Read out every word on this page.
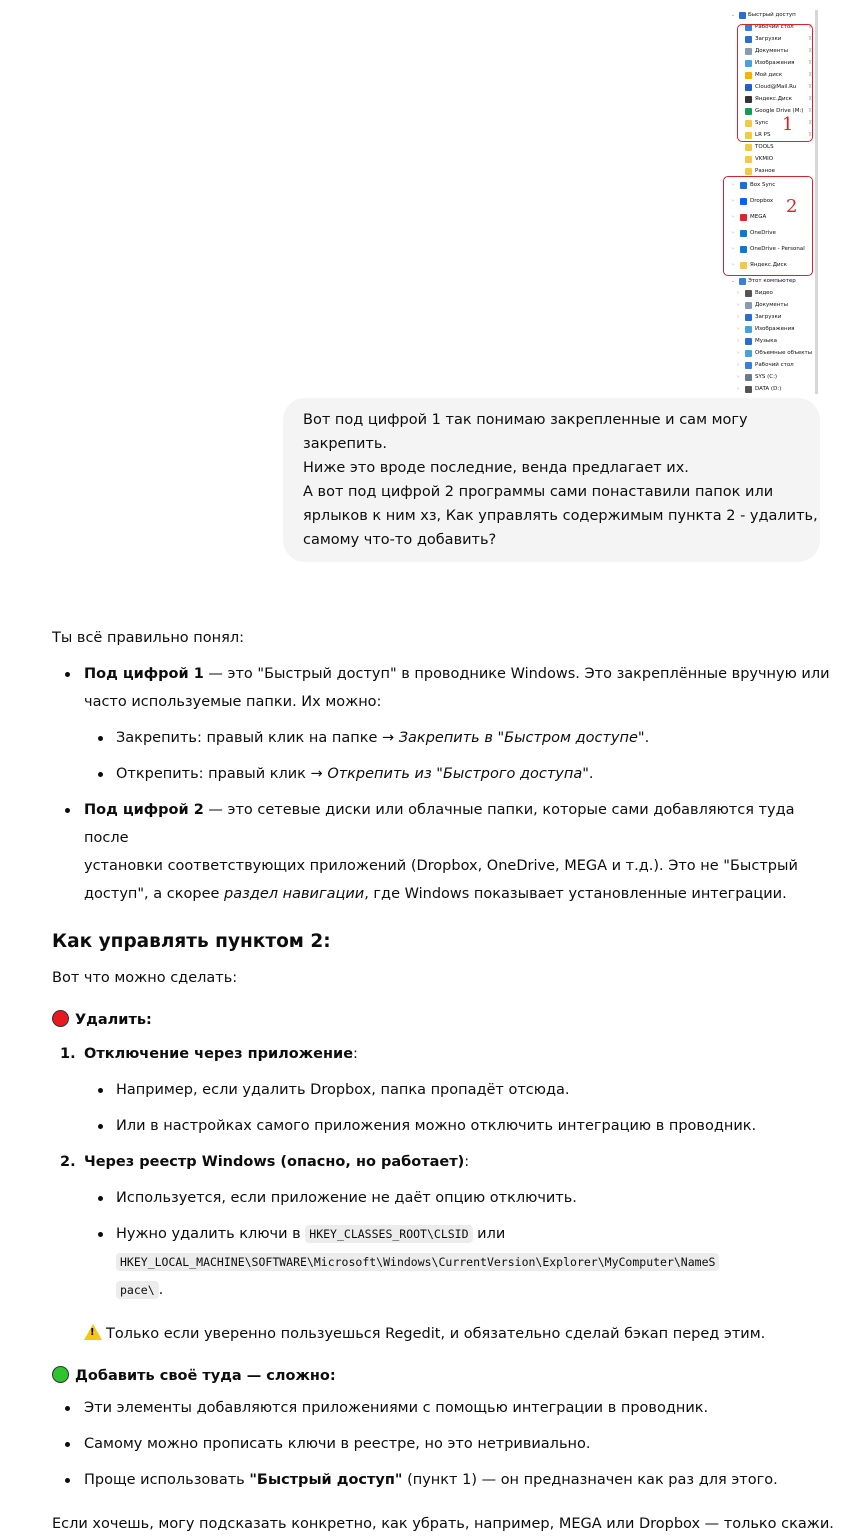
⌄ Быстрый доступ
Рабочий стол	⊼
Загрузки	⊼
Документы	⊼
Изображения	⊼
Мой диск	⊼
Cloud@Mail.Ru ⊼
Яндекс.Диск	⊼
Google Drive (M:) ⊼
Sync	⊼
LR PS	⊼
TOOLS
VKMIO
Разное
›	Box Sync
›	Dropbox
›	MEGA
›	OneDrive
›	OneDrive - Personal
›	Яндекс.Диск
⌄ Этот компьютер
›	Видео
›	Документы
›	Загрузки
›	Изображения
›	Музыка
›	Объемные объекты
›	Рабочий стол
›	SYS (C:)
›	DATA (D:)
1
2
Вот под цифрой 1 так понимаю закрепленные и сам могу
закрепить.
Ниже это вроде последние, венда предлагает их.
А вот под цифрой 2 программы сами понаставили папок или
ярлыков к ним хз, Как управлять содержимым пункта 2 - удалить,
самому что-то добавить?

Ты всё правильно понял:

Под цифрой 1 — это "Быстрый доступ" в проводнике Windows. Это закреплённые вручную или
часто используемые папки. Их можно:
Закрепить: правый клик на папке → Закрепить в "Быстром доступе".
Открепить: правый клик → Открепить из "Быстрого доступа".
Под цифрой 2 — это сетевые диски или облачные папки, которые сами добавляются туда после
установки соответствующих приложений (Dropbox, OneDrive, MEGA и т.д.). Это не "Быстрый
доступ", а скорее раздел навигации, где Windows показывает установленные интеграции.
Как управлять пунктом 2:

Вот что можно сделать:

Удалить:
1. Отключение через приложение:
Например, если удалить Dropbox, папка пропадёт отсюда.
Или в настройках самого приложения можно отключить интеграцию в проводник.
2. Через реестр Windows (опасно, но работает):
Используется, если приложение не даёт опцию отключить.
Нужно удалить ключи в HKEY_CLASSES_ROOT\CLSID или
HKEY_LOCAL_MACHINE\SOFTWARE\Microsoft\Windows\CurrentVersion\Explorer\MyComputer\NameS
pace\ .
! Только если уверенно пользуешься Regedit, и обязательно сделай бэкап перед этим.
Добавить своё туда — сложно:
Эти элементы добавляются приложениями с помощью интеграции в проводник.
Самому можно прописать ключи в реестре, но это нетривиально.
Проще использовать "Быстрый доступ" (пункт 1) — он предназначен как раз для этого.

Если хочешь, могу подсказать конкретно, как убрать, например, MEGA или Dropbox — только скажи.
